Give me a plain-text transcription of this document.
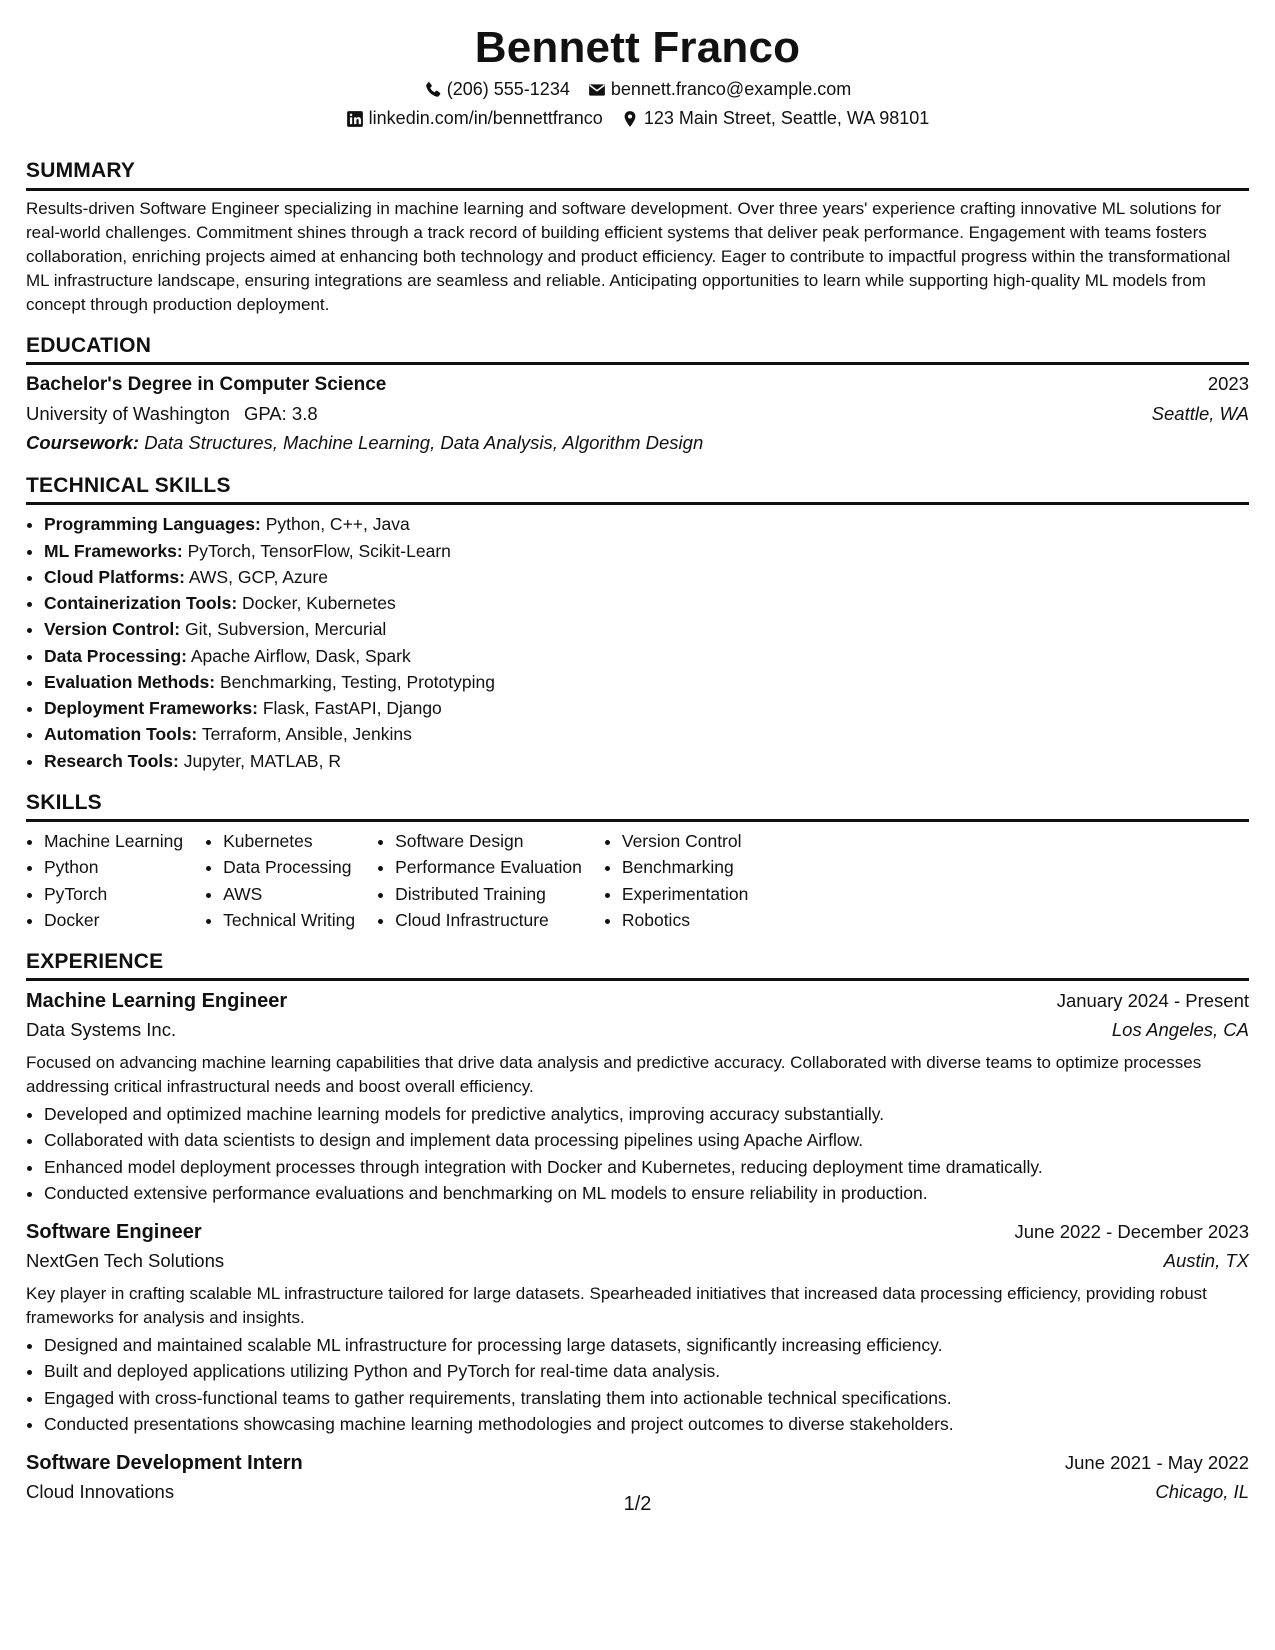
Bennett Franco
(206) 555-1234 bennett.franco@example.com
linkedin.com/in/bennettfranco 123 Main Street, Seattle, WA 98101
SUMMARY

Results-driven Software Engineer specializing in machine learning and software development. Over three years' experience crafting innovative ML solutions for real-world challenges. Commitment shines through a track record of building efficient systems that deliver peak performance. Engagement with teams fosters collaboration, enriching projects aimed at enhancing both technology and product efficiency. Eager to contribute to impactful progress within the transformational ML infrastructure landscape, ensuring integrations are seamless and reliable. Anticipating opportunities to learn while supporting high-quality ML models from concept through production deployment.

EDUCATION
Bachelor's Degree in Computer Science	2023
University of Washington GPA: 3.8	Seattle, WA
Coursework: Data Structures, Machine Learning, Data Analysis, Algorithm Design
TECHNICAL SKILLS
• Programming Languages: Python, C++, Java
• ML Frameworks: PyTorch, TensorFlow, Scikit-Learn
• Cloud Platforms: AWS, GCP, Azure
• Containerization Tools: Docker, Kubernetes
• Version Control: Git, Subversion, Mercurial
• Data Processing: Apache Airflow, Dask, Spark
• Evaluation Methods: Benchmarking, Testing, Prototyping
• Deployment Frameworks: Flask, FastAPI, Django
• Automation Tools: Terraform, Ansible, Jenkins
• Research Tools: Jupyter, MATLAB, R
SKILLS
• Machine Learning
• Python
• PyTorch
• Docker
• Kubernetes
• Data Processing
• AWS
• Technical Writing
• Software Design
• Performance Evaluation
• Distributed Training
• Cloud Infrastructure
• Version Control
• Benchmarking
• Experimentation
• Robotics
EXPERIENCE
Machine Learning Engineer	January 2024 - Present
Data Systems Inc.	Los Angeles, CA

Focused on advancing machine learning capabilities that drive data analysis and predictive accuracy. Collaborated with diverse teams to optimize processes addressing critical infrastructural needs and boost overall efficiency.

• Developed and optimized machine learning models for predictive analytics, improving accuracy substantially.
• Collaborated with data scientists to design and implement data processing pipelines using Apache Airflow.
• Enhanced model deployment processes through integration with Docker and Kubernetes, reducing deployment time dramatically.
• Conducted extensive performance evaluations and benchmarking on ML models to ensure reliability in production.
Software Engineer	June 2022 - December 2023
NextGen Tech Solutions	Austin, TX

Key player in crafting scalable ML infrastructure tailored for large datasets. Spearheaded initiatives that increased data processing efficiency, providing robust frameworks for analysis and insights.

• Designed and maintained scalable ML infrastructure for processing large datasets, significantly increasing efficiency.
• Built and deployed applications utilizing Python and PyTorch for real-time data analysis.
• Engaged with cross-functional teams to gather requirements, translating them into actionable technical specifications.
• Conducted presentations showcasing machine learning methodologies and project outcomes to diverse stakeholders.
Software Development Intern	June 2021 - May 2022
Cloud Innovations	Chicago, IL
1/2
